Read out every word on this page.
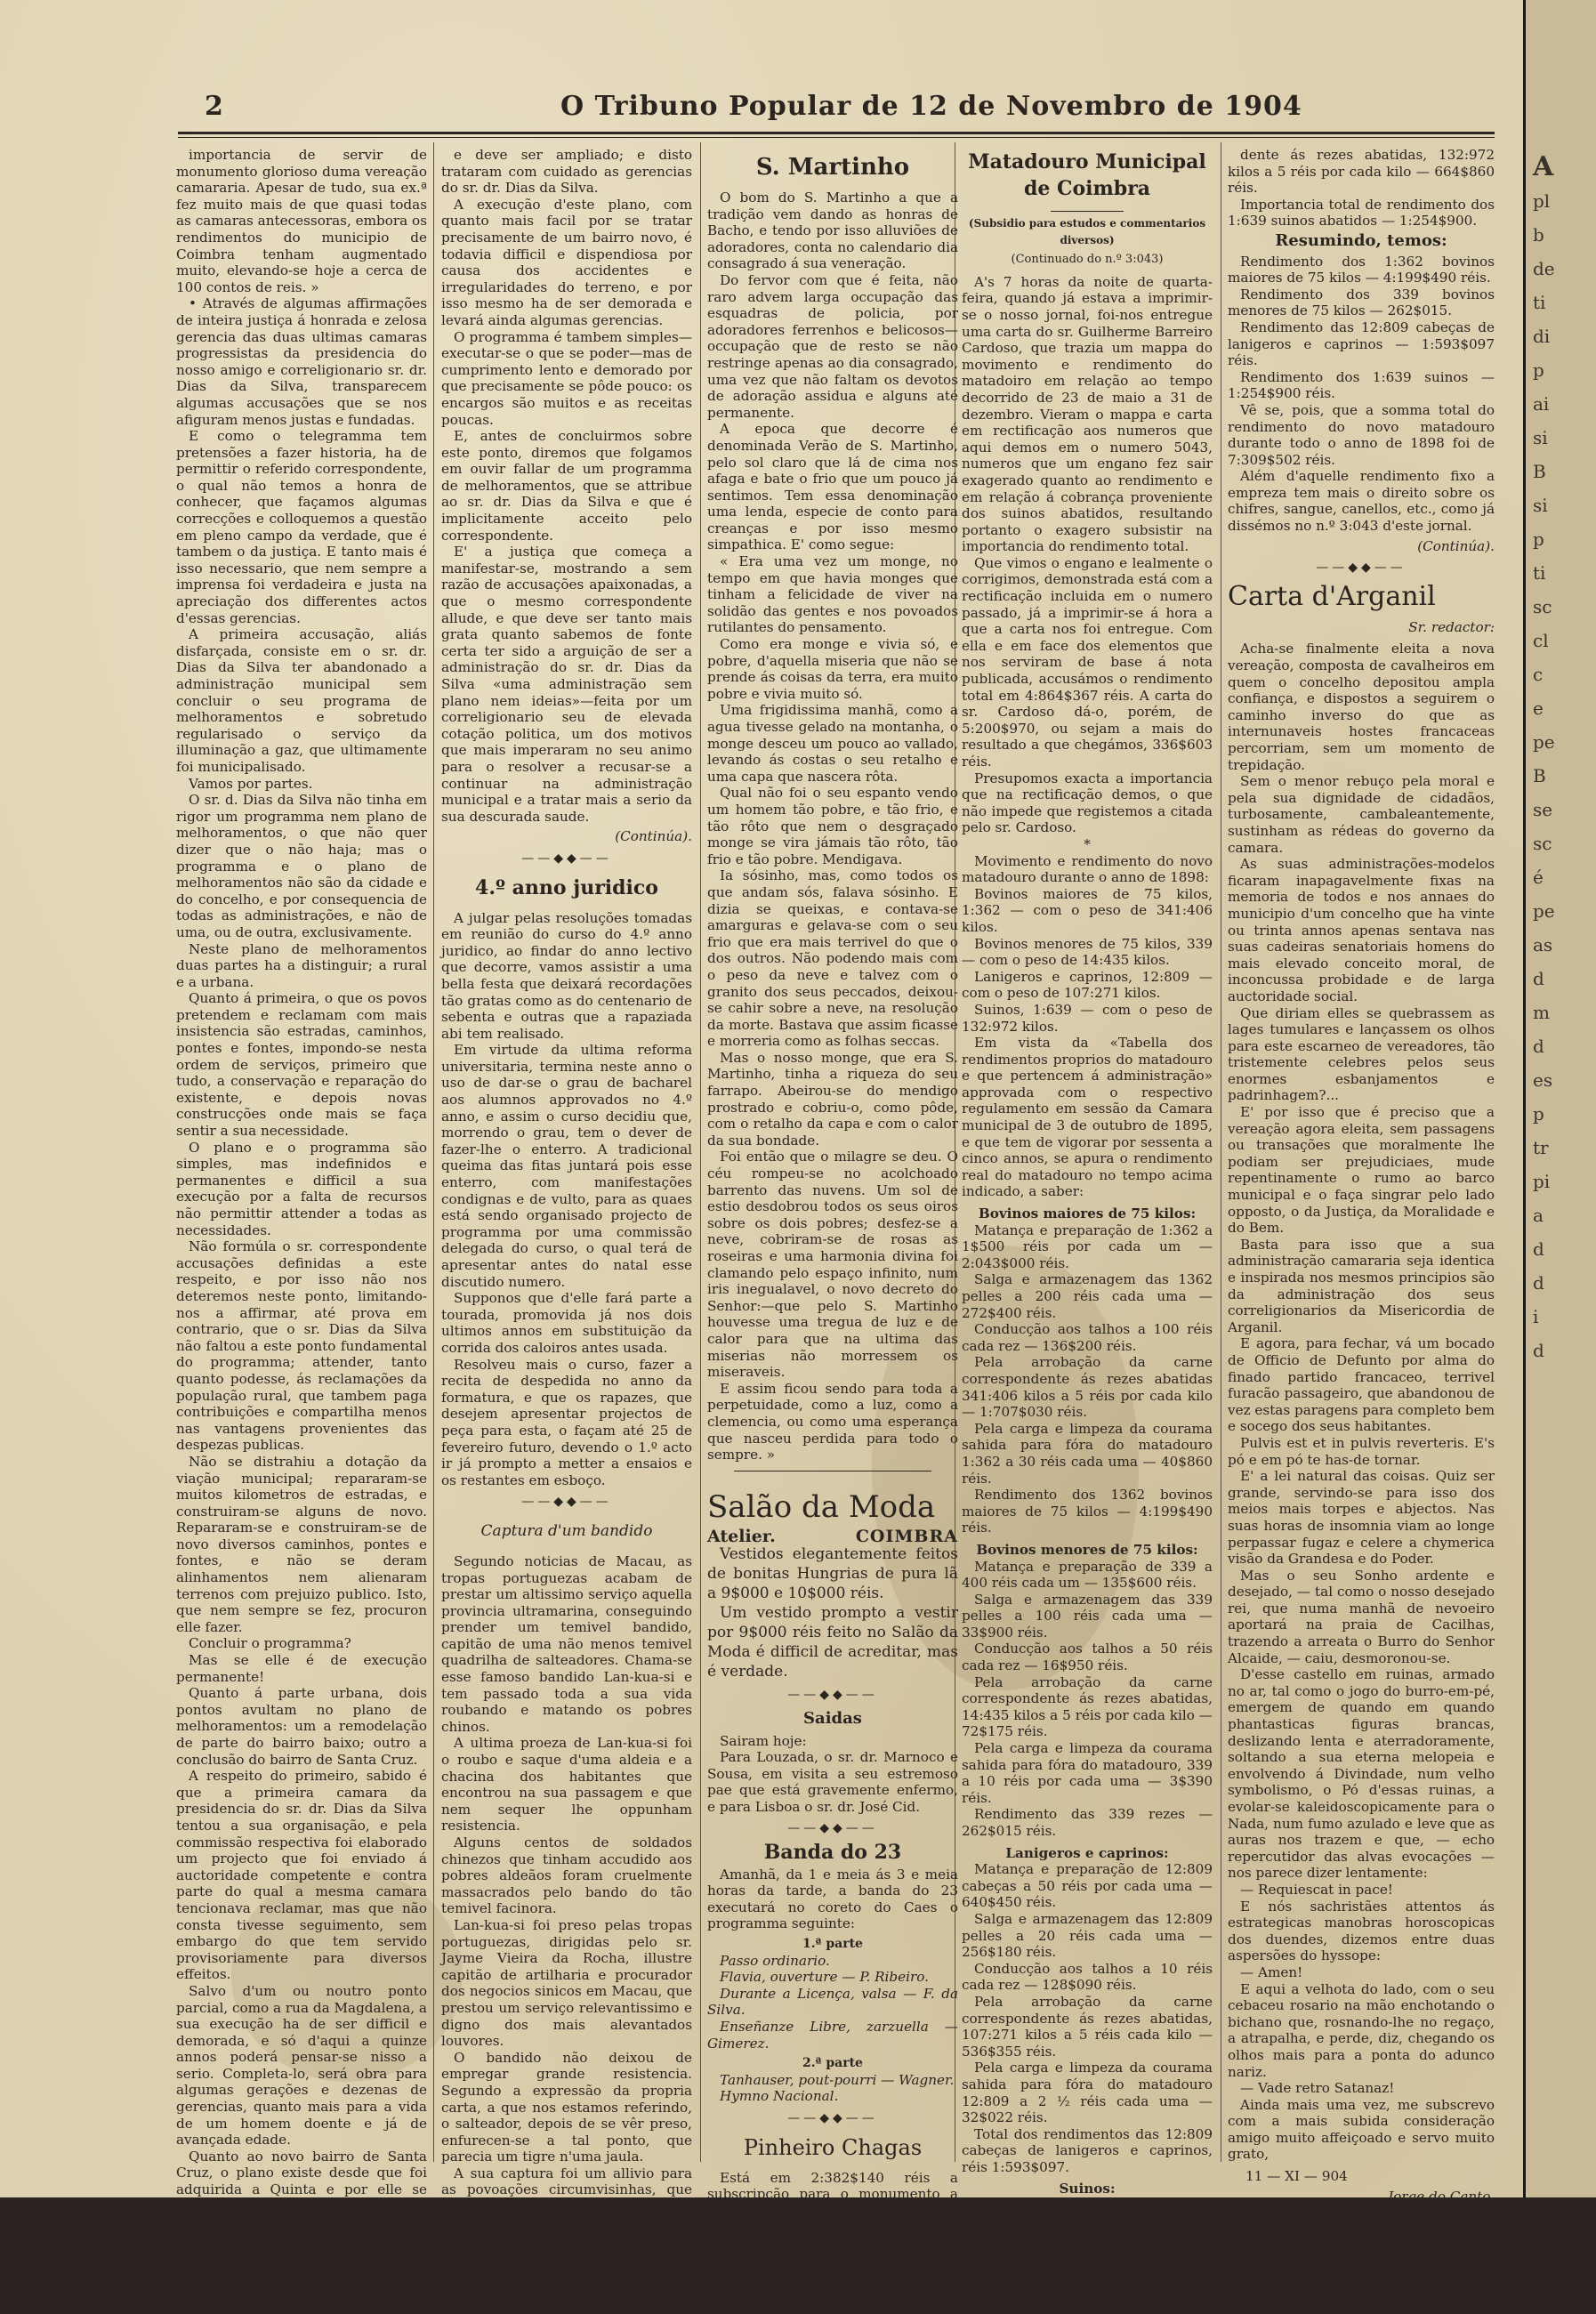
2	O Tribuno Popular de 12 de Novembro de 1904

importancia de servir de monumento glorioso duma vereação camararia. Apesar de tudo, sua ex.ª fez muito mais de que quasi todas as camaras antecessoras, embora os rendimentos do municipio de Coimbra tenham augmentado muito, elevando-se hoje a cerca de 100 contos de reis. »

• Através de algumas affirmações de inteira justiça á honrada e zelosa gerencia das duas ultimas camaras progressistas da presidencia do nosso amigo e correligionario sr. dr. Dias da Silva, transparecem algumas accusações que se nos afiguram menos justas e fundadas.

E como o telegramma tem pretensões a fazer historia, ha de permittir o referido correspondente, o qual não temos a honra de conhecer, que façamos algumas correcções e colloquemos a questão em pleno campo da verdade, que é tambem o da justiça. E tanto mais é isso necessario, que nem sempre a imprensa foi verdadeira e justa na apreciação dos differentes actos d'essas gerencias.

A primeira accusação, aliás disfarçada, consiste em o sr. dr. Dias da Silva ter abandonado a administração municipal sem concluir o seu programa de melhoramentos e sobretudo regularisado o serviço da illuminação a gaz, que ultimamente foi municipalisado.

Vamos por partes.

O sr. d. Dias da Silva não tinha em rigor um programma nem plano de melhoramentos, o que não quer dizer que o não haja; mas o programma e o plano de melhoramentos não são da cidade e do concelho, e por consequencia de todas as administrações, e não de uma, ou de outra, exclusivamente.

Neste plano de melhoramentos duas partes ha a distinguir; a rural e a urbana.

Quanto á primeira, o que os povos pretendem e reclamam com mais insistencia são estradas, caminhos, pontes e fontes, impondo-se nesta ordem de serviços, primeiro que tudo, a conservação e reparação do existente, e depois novas construcções onde mais se faça sentir a sua necessidade.

O plano e o programma são simples, mas indefinidos e permanentes e difficil a sua execução por a falta de recursos não permittir attender a todas as necessidades.

Não formúla o sr. correspondente accusações definidas a este respeito, e por isso não nos deteremos neste ponto, limitando-nos a affirmar, até prova em contrario, que o sr. Dias da Silva não faltou a este ponto fundamental do programma; attender, tanto quanto podesse, ás reclamações da população rural, que tambem paga contribuições e compartilha menos nas vantagens provenientes das despezas publicas.

Não se distrahiu a dotação da viação municipal; repararam-se muitos kilometros de estradas, e construiram-se alguns de novo. Repararam-se e construiram-se de novo diversos caminhos, pontes e fontes, e não se deram alinhamentos nem alienaram terrenos com prejuizo publico. Isto, que nem sempre se fez, procuron elle fazer.

Concluir o programma?

Mas se elle é de execução permanente!

Quanto á parte urbana, dois pontos avultam no plano de melhoramentos: um a remodelação de parte do bairro baixo; outro a conclusão do bairro de Santa Cruz.

A respeito do primeiro, sabido é que a primeira camara da presidencia do sr. dr. Dias da Silva tentou a sua organisação, e pela commissão respectiva foi elaborado um projecto que foi enviado á auctoridade competente e contra parte do qual a mesma camara tencionava reclamar, mas que não consta tivesse seguimento, sem embargo do que tem servido provisoriamente para diversos effeitos.

Salvo d'um ou noutro ponto parcial, como a rua da Magdalena, a sua execução ha de ser difficil e demorada, e só d'aqui a quinze annos poderá pensar-se nisso a serio. Completa-lo, será obra para algumas gerações e dezenas de gerencias, quanto mais para a vida de um homem doente e já de avançada edade.

Quanto ao novo bairro de Santa Cruz, o plano existe desde que foi adquirida a Quinta e por elle se fizeram as obras principaes. Pode este plano ser modificado num ou noutro ponto, e pode ser completado relacionando-o com outras partes da cidade e terrenos adjacentes para onde pode

e deve ser ampliado; e disto trataram com cuidado as gerencias do sr. dr. Dias da Silva.

A execução d'este plano, com quanto mais facil por se tratar precisamente de um bairro novo, é todavia difficil e dispendiosa por causa dos accidentes e irregularidades do terreno, e por isso mesmo ha de ser demorada e levará ainda algumas gerencias.

O programma é tambem simples—executar-se o que se poder—mas de cumprimento lento e demorado por que precisamente se pôde pouco: os encargos são muitos e as receitas poucas.

E, antes de concluirmos sobre este ponto, diremos que folgamos em ouvir fallar de um programma de melhoramentos, que se attribue ao sr. dr. Dias da Silva e que é implicitamente acceito pelo correspondente.

E' a justiça que começa a manifestar-se, mostrando a sem razão de accusações apaixonadas, a que o mesmo correspondente allude, e que deve ser tanto mais grata quanto sabemos de fonte certa ter sido a arguição de ser a administração do sr. dr. Dias da Silva «uma administração sem plano nem ideias»—feita por um correligionario seu de elevada cotação politica, um dos motivos que mais imperaram no seu animo para o resolver a recusar-se a continuar na administração municipal e a tratar mais a serio da sua descurada saude.

(Continúa).

——◆◆——
4.º anno juridico

A julgar pelas resoluções tomadas em reunião do curso do 4.º anno juridico, ao findar do anno lectivo que decorre, vamos assistir a uma bella festa que deixará recordações tão gratas como as do centenario de sebenta e outras que a rapaziada abi tem realisado.

Em virtude da ultima reforma universitaria, termina neste anno o uso de dar-se o grau de bacharel aos alumnos approvados no 4.º anno, e assim o curso decidiu que, morrendo o grau, tem o dever de fazer-lhe o enterro. A tradicional queima das fitas juntará pois esse enterro, com manifestações condignas e de vulto, para as quaes está sendo organisado projecto de programma por uma commissão delegada do curso, o qual terá de apresentar antes do natal esse discutido numero.

Supponos que d'elle fará parte a tourada, promovida já nos dois ultimos annos em substituição da corrida dos caloiros antes usada.

Resolveu mais o curso, fazer a recita de despedida no anno da formatura, e que os rapazes, que desejem apresentar projectos de peça para esta, o façam até 25 de fevereiro futuro, devendo o 1.º acto ir já prompto a metter a ensaios e os restantes em esboço.

——◆◆——
Captura d'um bandido

Segundo noticias de Macau, as tropas portuguezas acabam de prestar um altissimo serviço aquella provincia ultramarina, conseguindo prender um temivel bandido, capitão de uma não menos temivel quadrilha de salteadores. Chama-se esse famoso bandido Lan-kua-si e tem passado toda a sua vida roubando e matando os pobres chinos.

A ultima proeza de Lan-kua-si foi o roubo e saque d'uma aldeia e a chacina dos habitantes que encontrou na sua passagem e que nem sequer lhe oppunham resistencia.

Alguns centos de soldados chinezos que tinham accudido aos pobres aldeãos foram cruelmente massacrados pelo bando do tão temivel facinora.

Lan-kua-si foi preso pelas tropas portuguezas, dirigidas pelo sr. Jayme Vieira da Rocha, illustre capitão de artilharia e procurador dos negocios sinicos em Macau, que prestou um serviço relevantissimo e digno dos mais alevantados louvores.

O bandido não deixou de empregar grande resistencia. Segundo a expressão da propria carta, a que nos estamos referindo, o salteador, depois de se vêr preso, enfurecen-se a tal ponto, que parecia um tigre n'uma jaula.

A sua captura foi um allivio para as povoações circumvisinhas, que andavam verdadeiramente sobresaltadas com os haveres e a vida constantemente em risco.

O vice rei de Cantão está enthusiasmado e cheio de contentamento pela captura de tão temivel quadrilha.

S. Martinho

O bom do S. Martinho a que a tradição vem dando as honras de Bacho, e tendo por isso alluviões de adoradores, conta no calendario dia consagrado á sua veneração.

Do fervor com que é feita, não raro advem larga occupação das esquadras de policia, por adoradores ferrenhos e belicosos—occupação que de resto se não restringe apenas ao dia consagrado, uma vez que não faltam os devotos de adoração assidua e alguns até permanente.

A epoca que decorre é denominada Verão de S. Martinho, pelo sol claro que lá de cima nos afaga e bate o frio que um pouco já sentimos. Tem essa denominação uma lenda, especie de conto para creanças e por isso mesmo simpathica. E' como segue:

« Era uma vez um monge, no tempo em que havia monges que tinham a felicidade de viver na solidão das gentes e nos povoados rutilantes do pensamento.

Como era monge e vivia só, e pobre, d'aquella miseria que não se prende ás coisas da terra, era muito pobre e vivia muito só.

Uma frigidissima manhã, como a agua tivesse gelado na montanha, o monge desceu um pouco ao vallado, levando ás costas o seu retalho e uma capa que nascera rôta.

Qual não foi o seu espanto vendo um homem tão pobre, e tão frio, e tão rôto que nem o desgraçado monge se vira jámais tão rôto, tão frio e tão pobre. Mendigava.

Ia sósinho, mas, como todos os que andam sós, falava sósinho. E dizia se queixas, e contava-se amarguras e gelava-se com o seu frio que era mais terrivel do que o dos outros. Não podendo mais com o peso da neve e talvez com o granito dos seus peccados, deixou-se cahir sobre a neve, na resolução da morte. Bastava que assim ficasse e morreria como as folhas seccas.

Mas o nosso monge, que era S. Martinho, tinha a riqueza do seu farrapo. Abeirou-se do mendigo prostrado e cobriu-o, como pôde, com o retalho da capa e com o calor da sua bondade.

Foi então que o milagre se deu. O céu rompeu-se no acolchoado barrento das nuvens. Um sol de estio desdobrou todos os seus oiros sobre os dois pobres; desfez-se a neve, cobriram-se de rosas as roseiras e uma harmonia divina foi clamando pelo espaço infinito, num iris inegualavel, o novo decreto do Senhor:—que pelo S. Martinho houvesse uma tregua de luz e de calor para que na ultima das miserias não morressem os miseraveis.

E assim ficou sendo para toda a perpetuidade, como a luz, como a clemencia, ou como uma esperança que nasceu perdida para todo o sempre. »

Salão da Moda
Atelier.	COIMBRA

Vestidos elegantemente feitos de bonitas Hungrias de pura lã a 9$000 e 10$000 réis.

Um vestido prompto a vestir por 9$000 réis feito no Salão da Moda é difficil de acreditar, mas é verdade.

——◆◆——
Saidas

Sairam hoje:

Para Louzada, o sr. dr. Marnoco e Sousa, em visita a seu estremoso pae que está gravemente enfermo, e para Lisboa o sr. dr. José Cid.

——◆◆——
Banda do 23

Amanhã, da 1 e meia ás 3 e meia horas da tarde, a banda do 23 executará no coreto do Caes o programma seguinte:

1.ª parte

Passo ordinario.

Flavia, ouverture — P. Ribeiro.

Durante a Licença, valsa — F. da Silva.

Enseñanze Libre, zarzuella — Gimerez.

2.ª parte

Tanhauser, pout-pourri — Wagner.

Hymno Nacional.

——◆◆——
Pinheiro Chagas

Está em 2:382$140 réis a subscripção para o monumento a Pinheiro Chagas.

Matadouro Municipal de Coimbra

(Subsidio para estudos e commentarios diversos)

(Continuado do n.º 3:043)

A's 7 horas da noite de quarta-feira, quando já estava a imprimir-se o nosso jornal, foi-nos entregue uma carta do sr. Guilherme Barreiro Cardoso, que trazia um mappa do movimento e rendimento do matadoiro em relação ao tempo decorrido de 23 de maio a 31 de dezembro. Vieram o mappa e carta em rectificação aos numeros que aqui demos em o numero 5043, numeros que um engano fez sair exagerado quanto ao rendimento e em relação á cobrança proveniente dos suinos abatidos, resultando portanto o exagero subsistir na importancia do rendimento total.

Que vimos o engano e lealmente o corrigimos, demonstrada está com a rectificação incluida em o numero passado, já a imprimir-se á hora a que a carta nos foi entregue. Com ella e em face dos elementos que nos serviram de base á nota publicada, accusámos o rendimento total em 4:864$367 réis. A carta do sr. Cardoso dá-o, porém, de 5:200$970, ou sejam a mais do resultado a que chegámos, 336$603 réis.

Presupomos exacta a importancia que na rectificação demos, o que não impede que registemos a citada pelo sr. Cardoso.

*

Movimento e rendimento do novo matadouro durante o anno de 1898:

Bovinos maiores de 75 kilos, 1:362 — com o peso de 341:406 kilos.

Bovinos menores de 75 kilos, 339 — com o peso de 14:435 kilos.

Lanigeros e caprinos, 12:809 — com o peso de 107:271 kilos.

Suinos, 1:639 — com o peso de 132:972 kilos.

Em vista da «Tabella dos rendimentos proprios do matadouro e que pertencem á administração» approvada com o respectivo regulamento em sessão da Camara municipal de 3 de outubro de 1895, e que tem de vigorar por sessenta a cinco annos, se apura o rendimento real do matadouro no tempo acima indicado, a saber:

Bovinos maiores de 75 kilos:

Matança e preparação de 1:362 a 1$500 réis por cada um — 2:043$000 réis.

Salga e armazenagem das 1362 pelles a 200 réis cada uma — 272$400 réis.

Conducção aos talhos a 100 réis cada rez — 136$200 réis.

Pela arrobação da carne correspondente ás rezes abatidas 341:406 kilos a 5 réis por cada kilo — 1:707$030 réis.

Pela carga e limpeza da courama sahida para fóra do matadouro 1:362 a 30 réis cada uma — 40$860 réis.

Rendimento dos 1362 bovinos maiores de 75 kilos — 4:199$490 réis.

Bovinos menores de 75 kilos:

Matança e preparação de 339 a 400 réis cada um — 135$600 réis.

Salga e armazenagem das 339 pelles a 100 réis cada uma — 33$900 réis.

Conducção aos talhos a 50 réis cada rez — 16$950 réis.

Pela arrobação da carne correspondente ás rezes abatidas, 14:435 kilos a 5 réis por cada kilo — 72$175 réis.

Pela carga e limpeza da courama sahida para fóra do matadouro, 339 a 10 réis por cada uma — 3$390 réis.

Rendimento das 339 rezes — 262$015 réis.

Lanigeros e caprinos:

Matança e preparação de 12:809 cabeças a 50 réis por cada uma — 640$450 réis.

Salga e armazenagem das 12:809 pelles a 20 réis cada uma — 256$180 réis.

Conducção aos talhos a 10 réis cada rez — 128$090 réis.

Pela arrobação da carne correspondente ás rezes abatidas, 107:271 kilos a 5 réis cada kilo — 536$355 réis.

Pela carga e limpeza da courama sahida para fóra do matadouro 12:809 a 2 ½ réis cada uma — 32$022 réis.

Total dos rendimentos das 12:809 cabeças de lanigeros e caprinos, réis 1:593$097.

Suinos:

Matança e preparação de 1:639 a 300 réis por cada um — 491$700 réis.

Conducção aos talhos a 60 réis cada rez — 98$340 réis.

Pela arrobação da carne correspon-

dente ás rezes abatidas, 132:972 kilos a 5 réis por cada kilo — 664$860 réis.

Importancia total de rendimento dos 1:639 suinos abatidos — 1:254$900.

Resumindo, temos:

Rendimento dos 1:362 bovinos maiores de 75 kilos — 4:199$490 réis.

Rendimento dos 339 bovinos menores de 75 kilos — 262$015.

Rendimento das 12:809 cabeças de lanigeros e caprinos — 1:593$097 réis.

Rendimento dos 1:639 suinos — 1:254$900 réis.

Vê se, pois, que a somma total do rendimento do novo matadouro durante todo o anno de 1898 foi de 7:309$502 réis.

Além d'aquelle rendimento fixo a empreza tem mais o direito sobre os chifres, sangue, canellos, etc., como já dissémos no n.º 3:043 d'este jornal.

(Continúa).

——◆◆——
Carta d'Arganil

Sr. redactor:

Acha-se finalmente eleita a nova vereação, composta de cavalheiros em quem o concelho depositou ampla confiança, e dispostos a seguirem o caminho inverso do que as internunaveis hostes francaceas percorriam, sem um momento de trepidação.

Sem o menor rebuço pela moral e pela sua dignidade de cidadãos, turbosamente, cambaleantemente, sustinham as rédeas do governo da camara.

As suas administrações-modelos ficaram inapagavelmente fixas na memoria de todos e nos annaes do municipio d'um concelho que ha vinte ou trinta annos apenas sentava nas suas cadeiras senatoriais homens do mais elevado conceito moral, de inconcussa probidade e de larga auctoridade social.

Que diriam elles se quebrassem as lages tumulares e lançassem os olhos para este escarneo de vereadores, tão tristemente celebres pelos seus enormes esbanjamentos e padrinhagem?...

E' por isso que é preciso que a vereação agora eleita, sem passagens ou transações que moralmente lhe podiam ser prejudiciaes, mude repentinamente o rumo ao barco municipal e o faça singrar pelo lado opposto, o da Justiça, da Moralidade e do Bem.

Basta para isso que a sua administração camararia seja identica e inspirada nos mesmos principios são da administração dos seus correligionarios da Misericordia de Arganil.

E agora, para fechar, vá um bocado de Officio de Defunto por alma do finado partido francaceo, terrivel furacão passageiro, que abandonou de vez estas paragens para completo bem e socego dos seus habitantes.

Pulvis est et in pulvis reverteris. E's pó e em pó te has-de tornar.

E' a lei natural das coisas. Quiz ser grande, servindo-se para isso dos meios mais torpes e abjectos. Nas suas horas de insomnia viam ao longe perpassar fugaz e celere a chymerica visão da Grandesa e do Poder.

Mas o seu Sonho ardente e desejado, — tal como o nosso desejado rei, que numa manhã de nevoeiro aportará na praia de Cacilhas, trazendo a arreata o Burro do Senhor Alcaide, — caiu, desmoronou-se.

D'esse castello em ruinas, armado no ar, tal como o jogo do burro-em-pé, emergem de quando em quando phantasticas figuras brancas, deslizando lenta e aterradoramente, soltando a sua eterna melopeia e envolvendo á Divindade, num velho symbolismo, o Pó d'essas ruinas, a evolar-se kaleidoscopicamente para o Nada, num fumo azulado e leve que as auras nos trazem e que, — echo repercutidor das alvas evocações — nos parece dizer lentamente:

— Requiescat in pace!

E nós sachristães attentos ás estrategicas manobras horoscopicas dos duendes, dizemos entre duas aspersões do hyssope:

— Amen!

E aqui a velhota do lado, com o seu cebaceu rosario na mão enchotando o bichano que, rosnando-lhe no regaço, a atrapalha, e perde, diz, chegando os olhos mais para a ponta do adunco nariz.

— Vade retro Satanaz!

Ainda mais uma vez, me subscrevo com a mais subida consideração amigo muito affeiçoado e servo muito grato,

11 — XI — 904

Jorge do Canto.

A
pl
b
de
ti
di
p
ai
si
B
si
p
ti
sc
cl
c
e
pe
B
se
sc
é
pe
as
d
m
d
es
p
tr
pi
a
d
d
i
d
